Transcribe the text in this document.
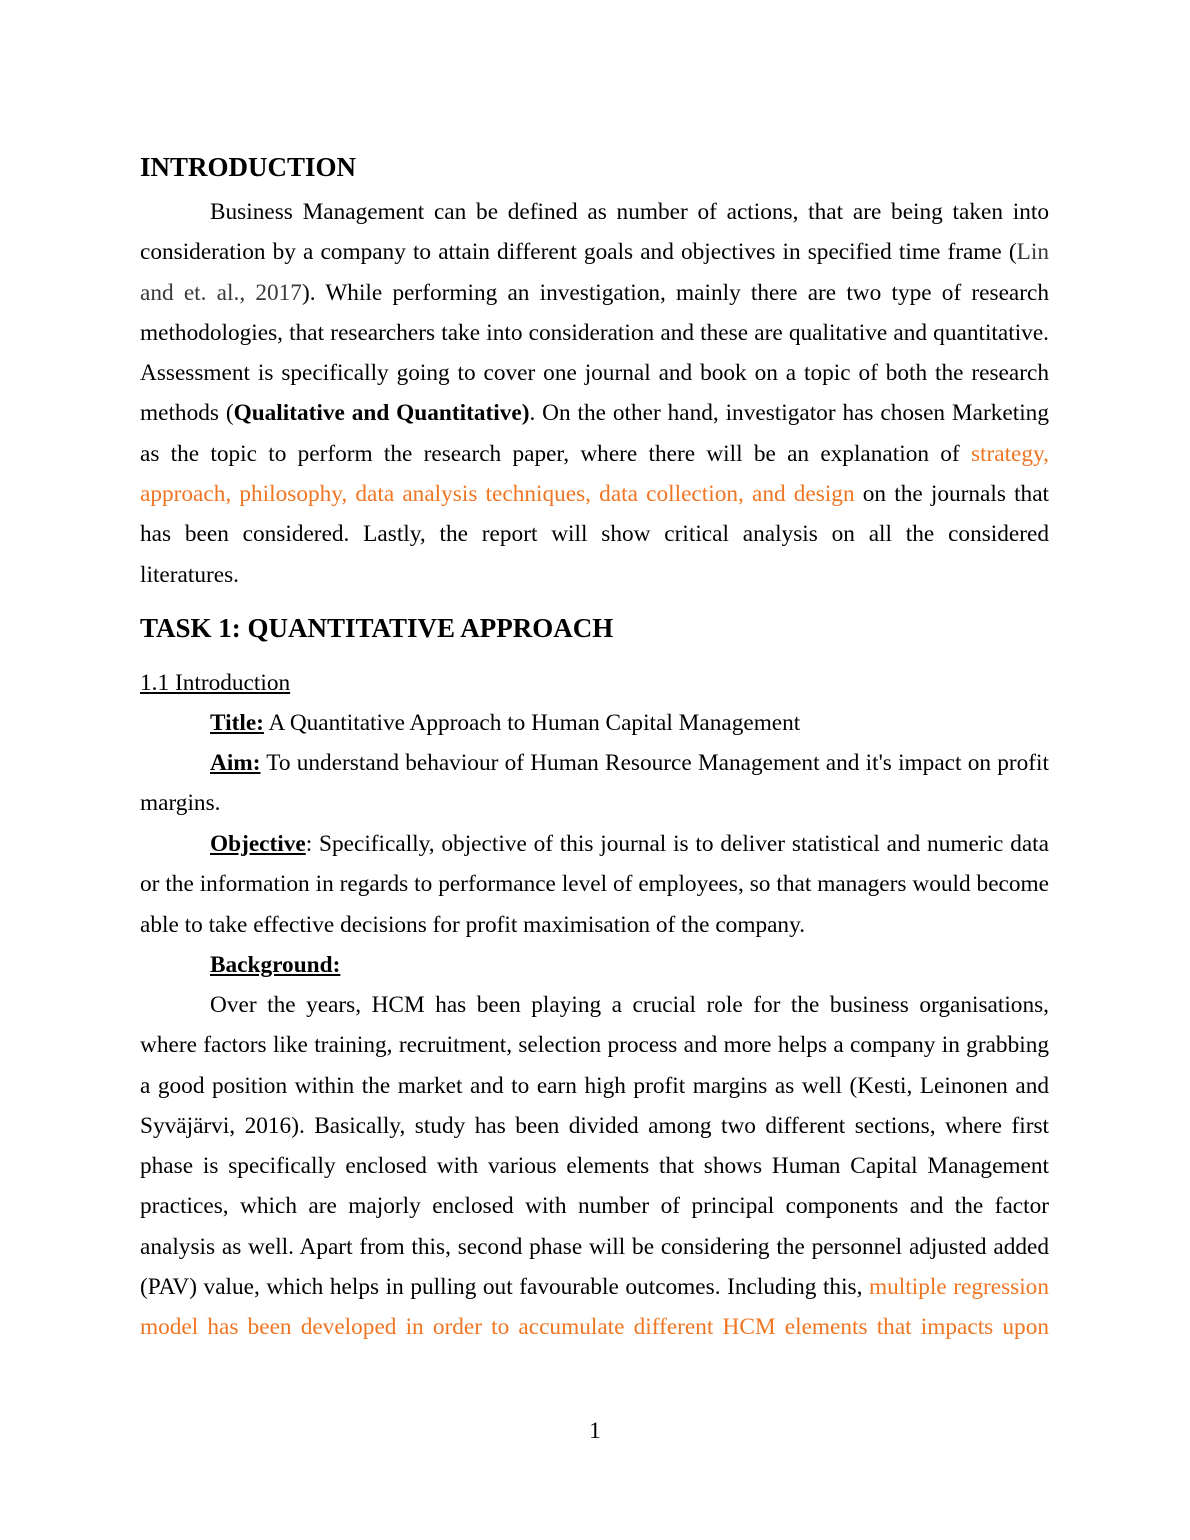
INTRODUCTION
Business Management can be defined as number of actions, that are being taken into consideration by a company to attain different goals and objectives in specified time frame (Lin and et. al., 2017). While performing an investigation, mainly there are two type of research methodologies, that researchers take into consideration and these are qualitative and quantitative. Assessment is specifically going to cover one journal and book on a topic of both the research methods (Qualitative and Quantitative). On the other hand, investigator has chosen Marketing as the topic to perform the research paper, where there will be an explanation of strategy, approach, philosophy, data analysis techniques, data collection, and design on the journals that has been considered. Lastly, the report will show critical analysis on all the considered literatures.
TASK 1: QUANTITATIVE APPROACH
1.1 Introduction
Title: A Quantitative Approach to Human Capital Management
Aim: To understand behaviour of Human Resource Management and it's impact on profit margins.
Objective: Specifically, objective of this journal is to deliver statistical and numeric data or the information in regards to performance level of employees, so that managers would become able to take effective decisions for profit maximisation of the company.
Background:
Over the years, HCM has been playing a crucial role for the business organisations, where factors like training, recruitment, selection process and more helps a company in grabbing a good position within the market and to earn high profit margins as well (Kesti, Leinonen and Syväjärvi, 2016). Basically, study has been divided among two different sections, where first phase is specifically enclosed with various elements that shows Human Capital Management practices, which are majorly enclosed with number of principal components and the factor analysis as well. Apart from this, second phase will be considering the personnel adjusted added (PAV) value, which helps in pulling out favourable outcomes. Including this, multiple regression model has been developed in order to accumulate different HCM elements that impacts upon
1
